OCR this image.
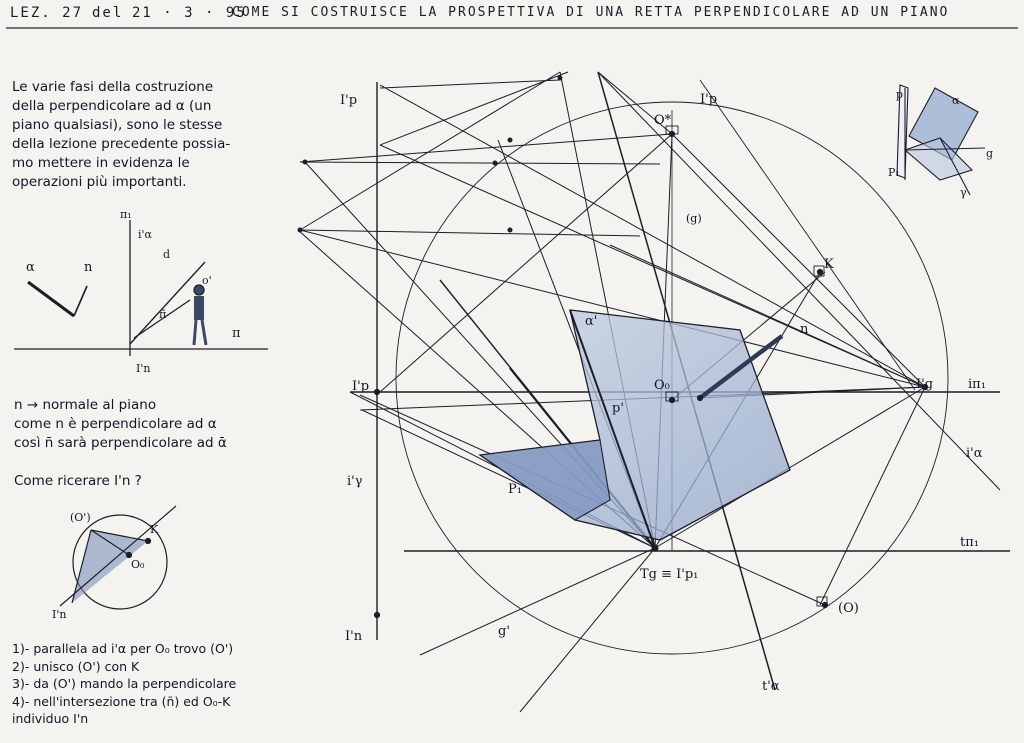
LEZ. 27 del 21 · 3 · 95
COME SI COSTRUISCE LA PROSPETTIVA DI UNA RETTA PERPENDICOLARE AD UN PIANO
α	n
π₁
i'α
d
o'
π
π̄
I'n
(O')
K
O₀
I'n
I'p	I'p
I'p
O*
(g)
K
n
α'
O₀
p'
I'g	iπ₁
i'α
i'γ
P₁
tπ₁
Tg ≡ I'p₁
I'n	g'
(O)
t'α
p	α
P₁
g
γ
Le varie fasi della costruzione
della perpendicolare ad α (un
piano qualsiasi), sono le stesse
della lezione precedente possia-
mo mettere in evidenza le
operazioni più importanti.
n → normale al piano
come n è perpendicolare ad α
così n̄ sarà perpendicolare ad ᾱ
Come ricerare I'n ?
1)- parallela ad i'α per O₀ trovo (O')
2)- unisco (O') con K
3)- da (O') mando la perpendicolare
4)- nell'intersezione tra (n̄) ed O₀-K
individuo I'n
